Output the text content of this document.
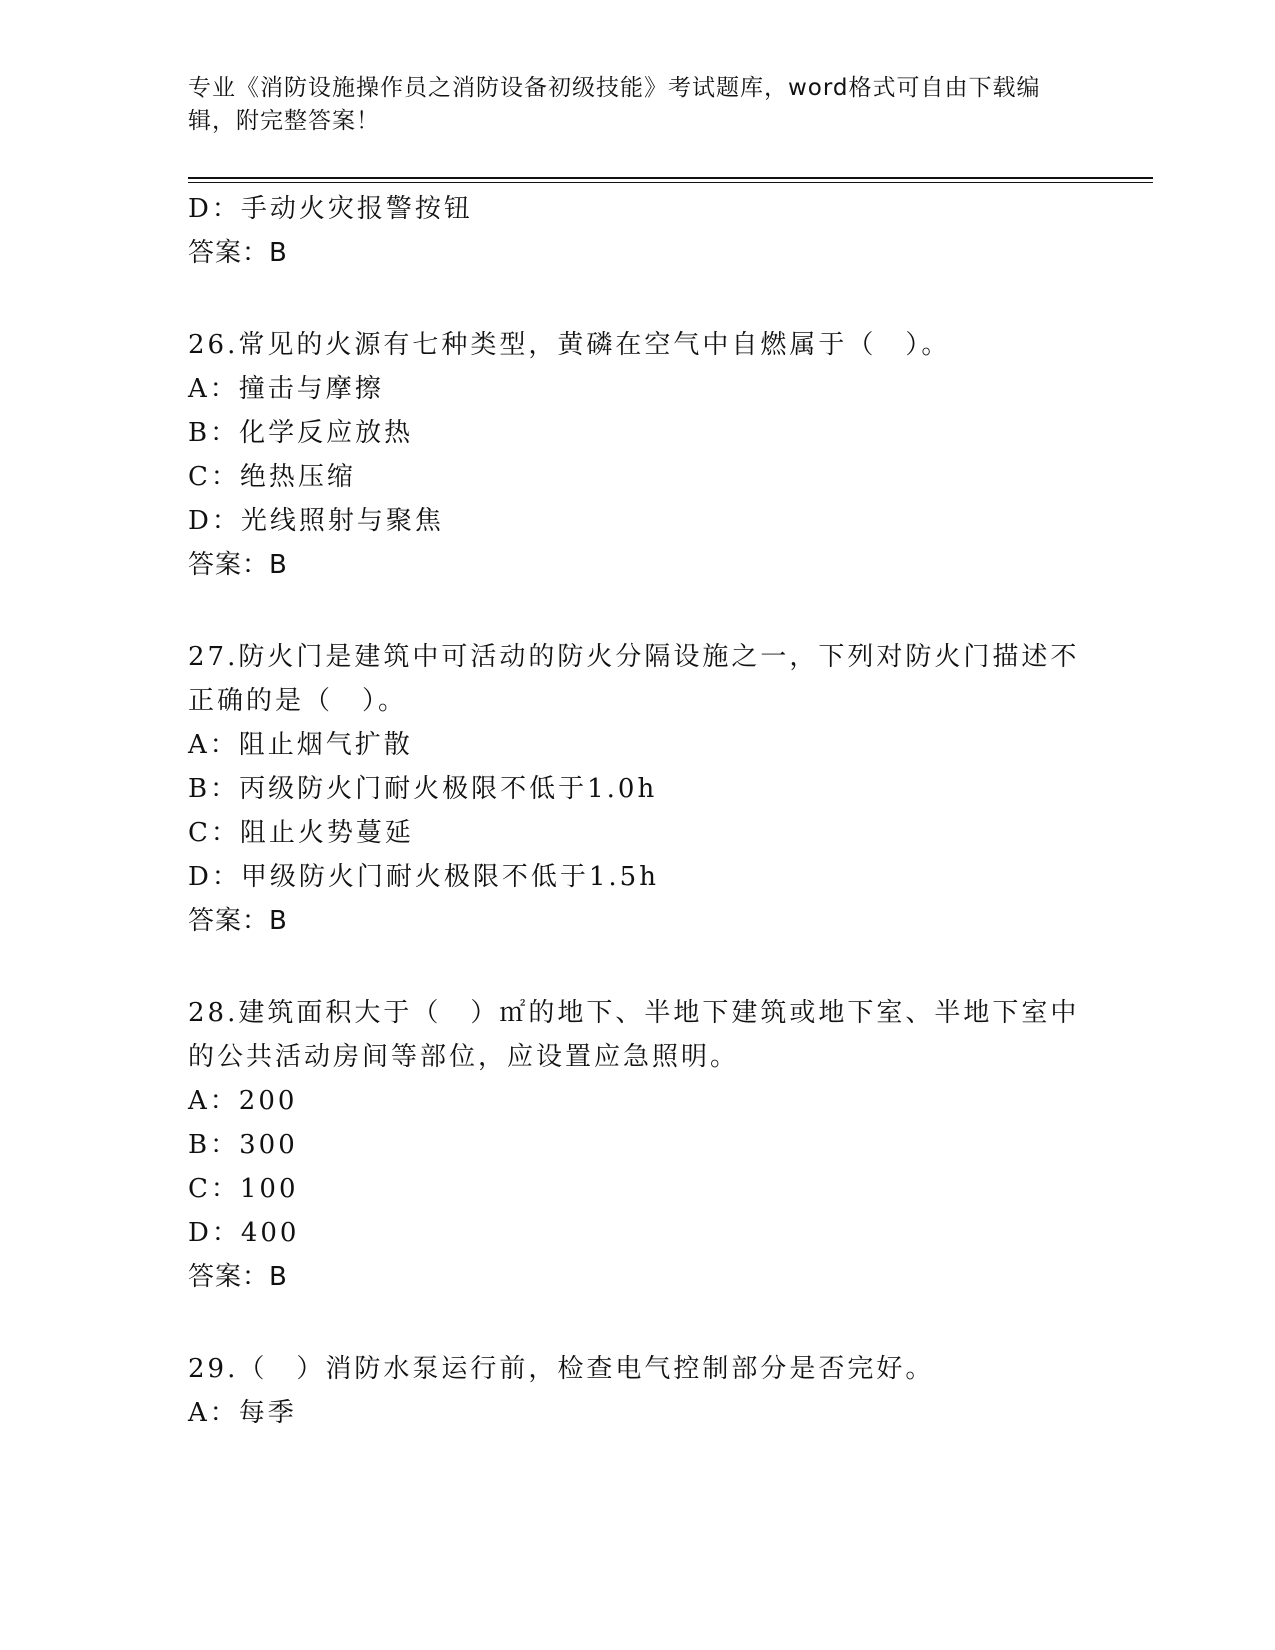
专业《消防设施操作员之消防设备初级技能》考试题库，word格式可自由下载编
辑，附完整答案！
D：手动火灾报警按钮
答案：B
26.常见的火源有七种类型，黄磷在空气中自燃属于（　）。
A：撞击与摩擦
B：化学反应放热
C：绝热压缩
D：光线照射与聚焦
答案：B
27.防火门是建筑中可活动的防火分隔设施之一，下列对防火门描述不
正确的是（　）。
A：阻止烟气扩散
B：丙级防火门耐火极限不低于1.0h
C：阻止火势蔓延
D：甲级防火门耐火极限不低于1.5h
答案：B
28.建筑面积大于（　）㎡的地下、半地下建筑或地下室、半地下室中
的公共活动房间等部位，应设置应急照明。
A：200
B：300
C：100
D：400
答案：B
29.（　）消防水泵运行前，检查电气控制部分是否完好。
A：每季
